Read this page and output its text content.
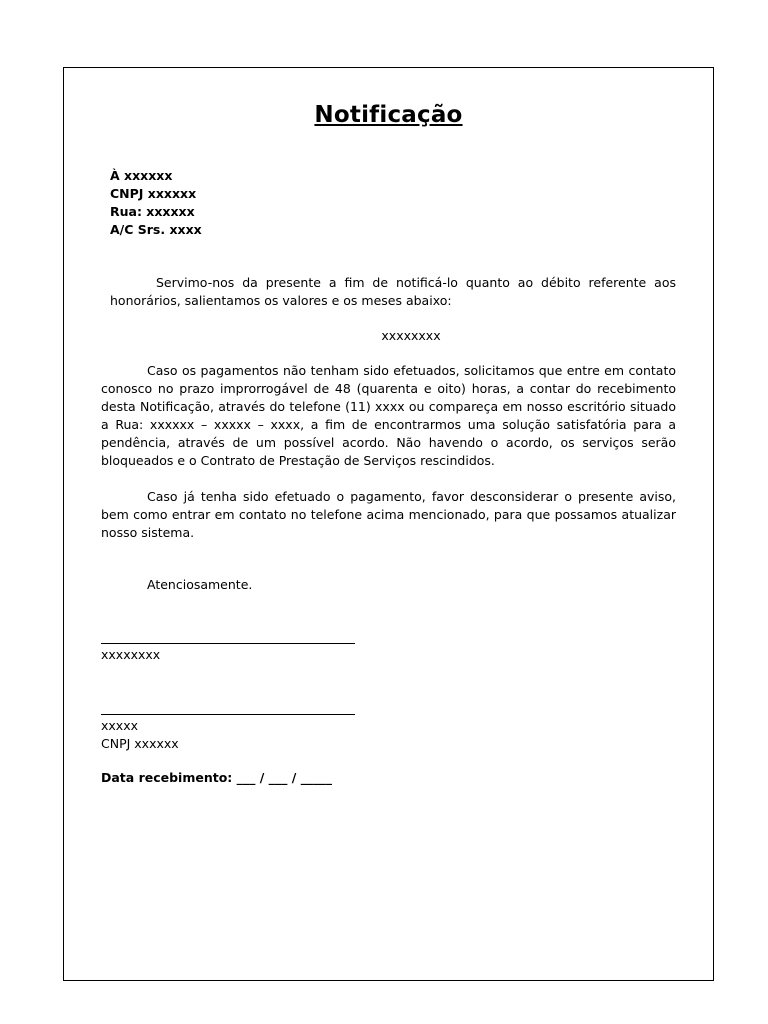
Notificação
À xxxxxx
CNPJ xxxxxx
Rua: xxxxxx
A/C Srs. xxxx
Servimo-nos da presente a fim de notificá-lo quanto ao débito referente aos honorários, salientamos os valores e os meses abaixo:
xxxxxxxx
Caso os pagamentos não tenham sido efetuados, solicitamos que entre em contato conosco no prazo improrrogável de 48 (quarenta e oito) horas, a contar do recebimento desta Notificação, através do telefone (11) xxxx ou compareça em nosso escritório situado a Rua: xxxxxx – xxxxx – xxxx, a fim de encontrarmos uma solução satisfatória para a pendência, através de um possível acordo. Não havendo o acordo, os serviços serão bloqueados e o Contrato de Prestação de Serviços rescindidos.
Caso já tenha sido efetuado o pagamento, favor desconsiderar o presente aviso, bem como entrar em contato no telefone acima mencionado, para que possamos atualizar nosso sistema.
Atenciosamente.
xxxxxxxx
xxxxx
CNPJ xxxxxx
Data recebimento: ___ / ___ / _____
